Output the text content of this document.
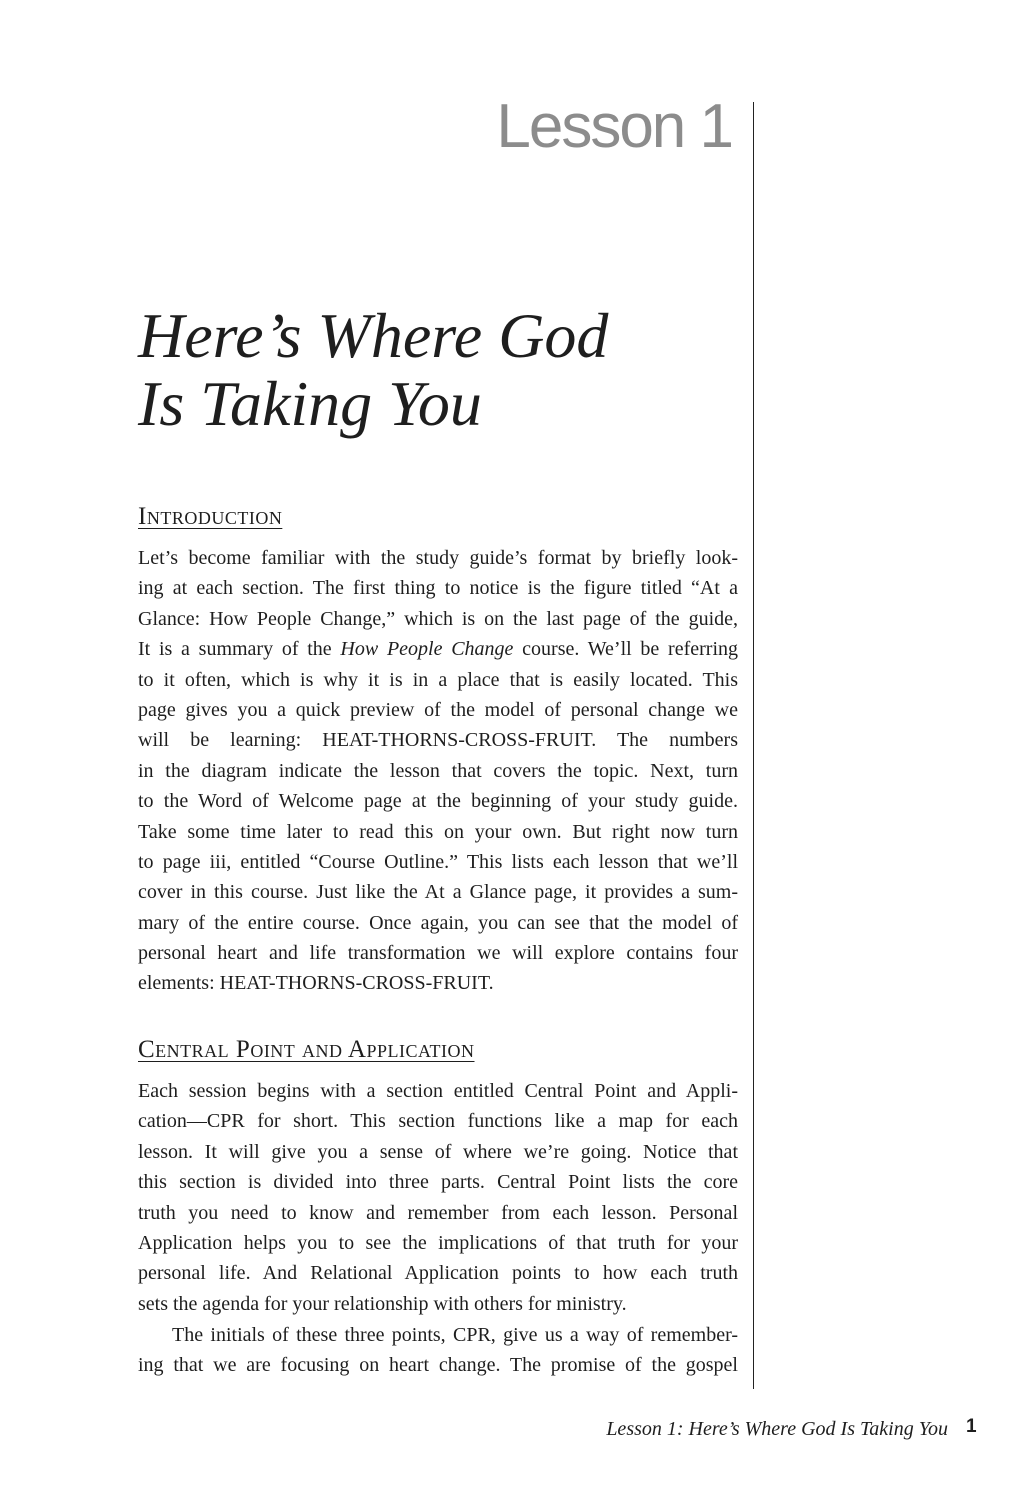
Lesson 1
Here’s Where God
Is Taking You
Introduction
Let’s become familiar with the study guide’s format by briefly look-
ing at each section. The first thing to notice is the figure titled “At a
Glance: How People Change,” which is on the last page of the guide,
It is a summary of the How People Change course. We’ll be referring
to it often, which is why it is in a place that is easily located. This
page gives you a quick preview of the model of personal change we
will be learning: HEAT-THORNS-CROSS-FRUIT. The numbers
in the diagram indicate the lesson that covers the topic. Next, turn
to the Word of Welcome page at the beginning of your study guide.
Take some time later to read this on your own. But right now turn
to page iii, entitled “Course Outline.” This lists each lesson that we’ll
cover in this course. Just like the At a Glance page, it provides a sum-
mary of the entire course. Once again, you can see that the model of
personal heart and life transformation we will explore contains four
elements: HEAT-THORNS-CROSS-FRUIT.
Central Point and Application
Each session begins with a section entitled Central Point and Appli-
cation—CPR for short. This section functions like a map for each
lesson. It will give you a sense of where we’re going. Notice that
this section is divided into three parts. Central Point lists the core
truth you need to know and remember from each lesson. Personal
Application helps you to see the implications of that truth for your
personal life. And Relational Application points to how each truth
sets the agenda for your relationship with others for ministry.
The initials of these three points, CPR, give us a way of remember-
ing that we are focusing on heart change. The promise of the gospel
Lesson 1: Here’s Where God Is Taking You 1
